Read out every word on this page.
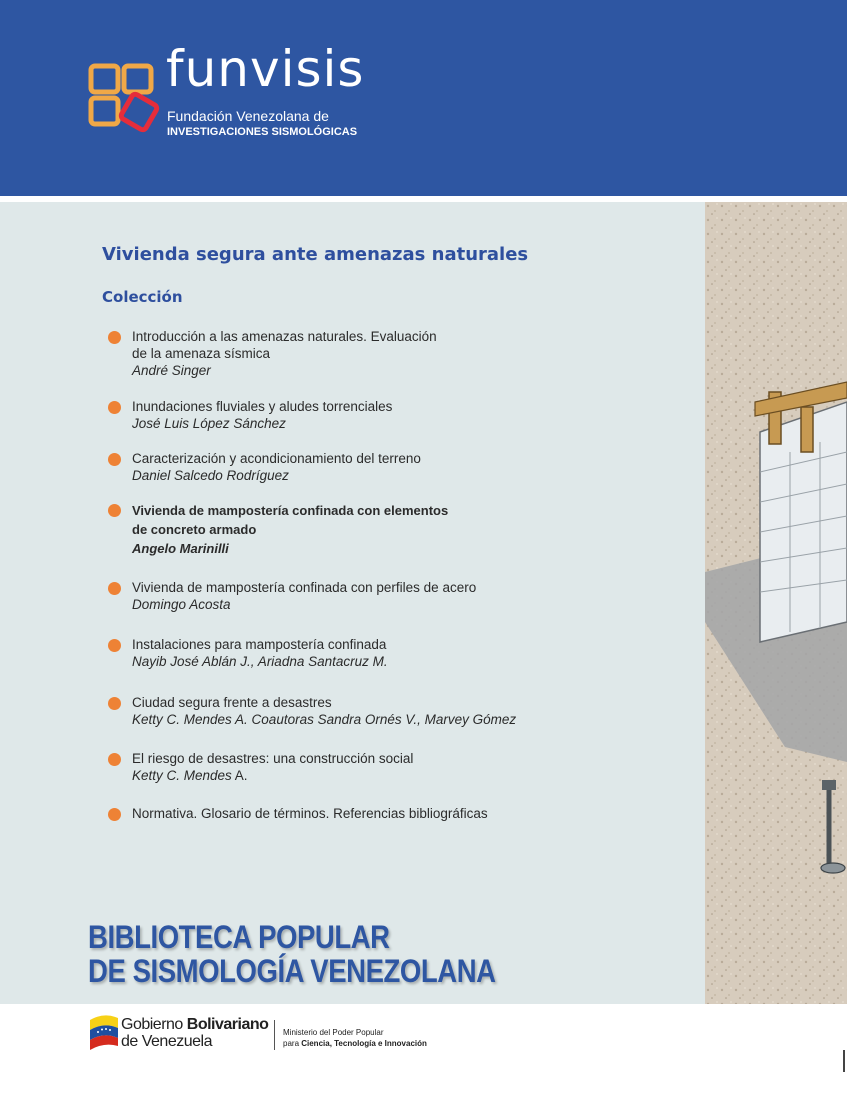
funvisis
Fundación Venezolana de
INVESTIGACIONES SISMOLÓGICAS
Vivienda segura ante amenazas naturales
Colección
Introducción a las amenazas naturales. Evaluación
de la amenaza sísmica
André Singer
Inundaciones fluviales y aludes torrenciales
José Luis López Sánchez
Caracterización y acondicionamiento del terreno
Daniel Salcedo Rodríguez
Vivienda de mampostería confinada con elementos
de concreto armado
Angelo Marinilli
Vivienda de mampostería confinada con perfiles de acero
Domingo Acosta
Instalaciones para mampostería confinada
Nayib José Ablán J., Ariadna Santacruz M.
Ciudad segura frente a desastres
Ketty C. Mendes A. Coautoras Sandra Ornés V., Marvey Gómez
El riesgo de desastres: una construcción social
Ketty C. Mendes A.
Normativa. Glosario de términos. Referencias bibliográficas
BIBLIOTECA POPULAR
DE SISMOLOGÍA VENEZOLANA
Gobierno Bolivariano
de Venezuela
Ministerio del Poder Popular
para Ciencia, Tecnología e Innovación
